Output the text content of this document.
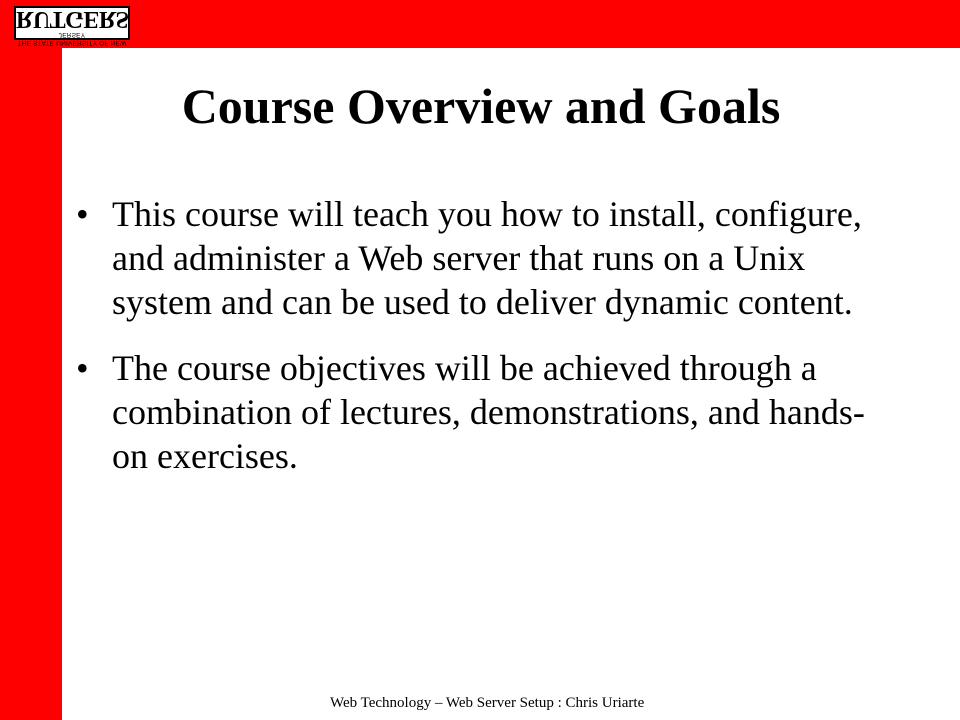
RUTGERS
THE STATE UNIVERSITY OF NEW JERSEY
Course Overview and Goals
• This course will teach you how to install, configure, and administer a Web server that runs on a Unix system and can be used to deliver dynamic content.
• The course objectives will be achieved through a combination of lectures, demonstrations, and hands-on exercises.
Web Technology – Web Server Setup : Chris Uriarte
